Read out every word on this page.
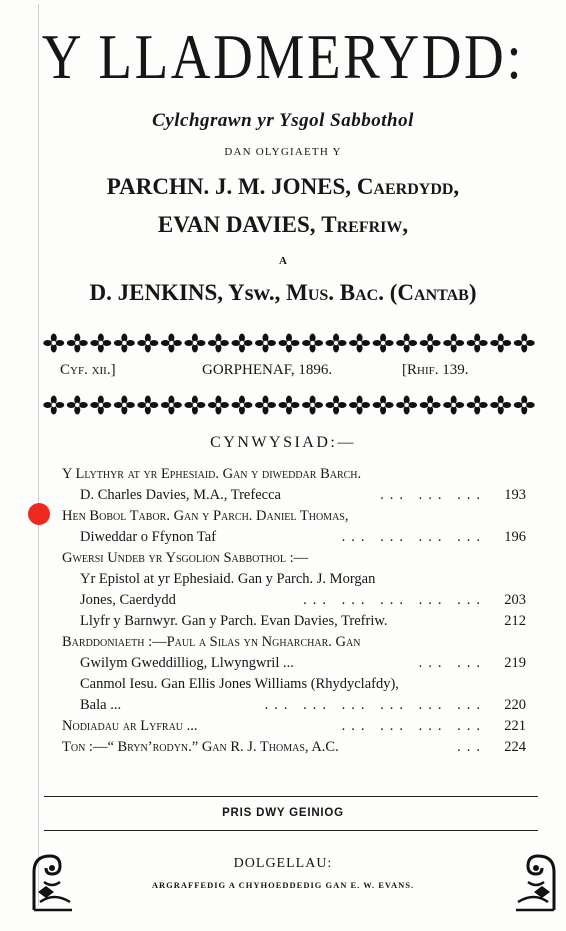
Y LLADMERYDD:
Cylchgrawn yr Ysgol Sabbothol
DAN OLYGIAETH Y
PARCHN. J. M. JONES, Caerdydd,
EVAN DAVIES, Trefriw,
A
D. JENKINS, Ysw., Mus. Bac. (Cantab)
Cyf. xii.]	GORPHENAF, 1896.	[Rhif. 139.
CYNWYSIAD:—
Y Llythyr at yr Ephesiaid. Gan y diweddar Barch.
D. Charles Davies, M.A., Trefecca	... ... ... 193
Hen Bobol Tabor. Gan y Parch. Daniel Thomas,
Diweddar o Ffynon Taf	... ... ... ... 196
Gwersi Undeb yr Ysgolion Sabbothol :—
Yr Epistol at yr Ephesiaid. Gan y Parch. J. Morgan
Jones, Caerdydd	... ... ... ... ... 203
Llyfr y Barnwyr. Gan y Parch. Evan Davies, Trefriw.	212
Barddoniaeth :—Paul a Silas yn Ngharchar. Gan
Gwilym Gweddilliog, Llwyngwril ...	... ... 219
Canmol Iesu. Gan Ellis Jones Williams (Rhydyclafdy),
Bala ...	... ... ... ... ... ... 220
Nodiadau ar Lyfrau ...	... ... ... ... 221
Ton :—“ Bryn’rodyn.” Gan R. J. Thomas, A.C.	... 224
PRIS DWY GEINIOG
DOLGELLAU:
ARGRAFFEDIG A CHYHOEDDEDIG GAN E. W. EVANS.
